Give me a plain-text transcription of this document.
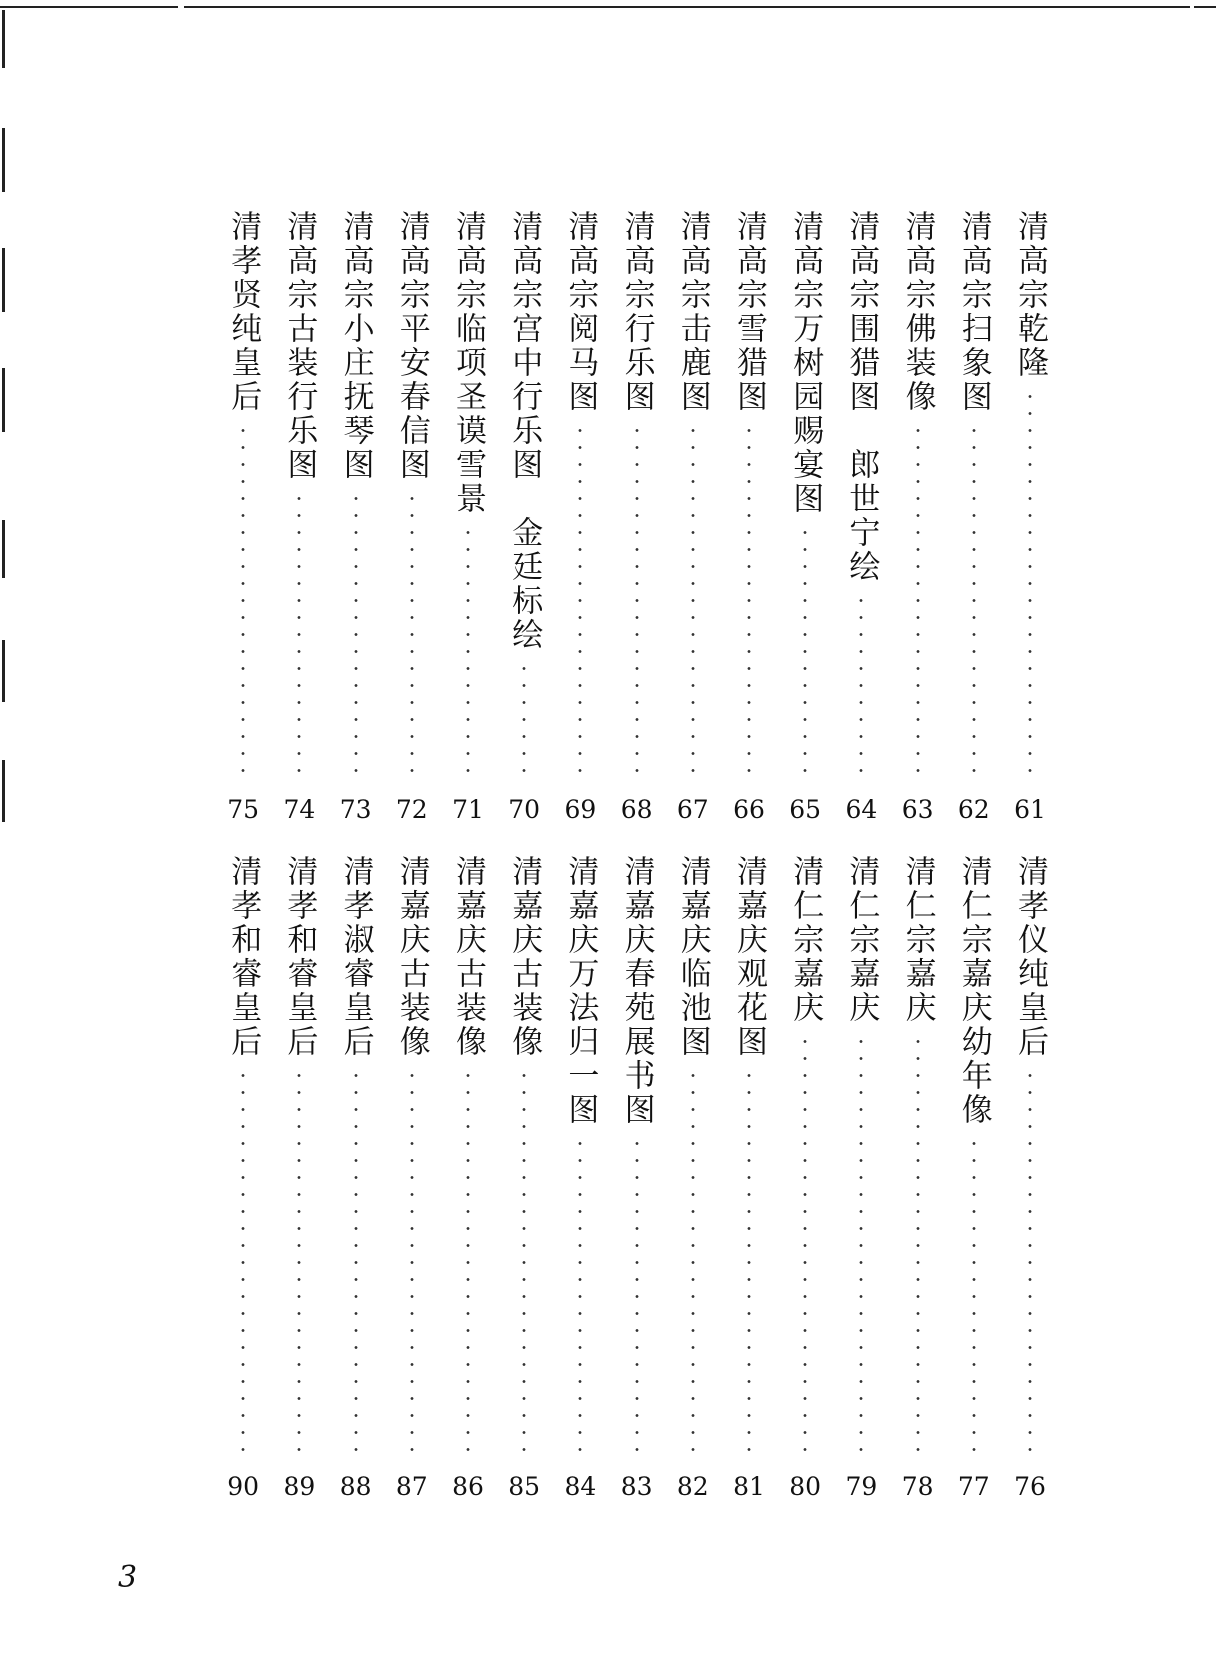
清高宗乾隆
61
清高宗扫象图
62
清高宗佛装像
63
清高宗围猎图　郎世宁绘
64
清高宗万树园赐宴图
65
清高宗雪猎图
66
清高宗击鹿图
67
清高宗行乐图
68
清高宗阅马图
69
清高宗宫中行乐图　金廷标绘
70
清高宗临项圣谟雪景
71
清高宗平安春信图
72
清高宗小庄抚琴图
73
清高宗古装行乐图
74
清孝贤纯皇后
75
清孝仪纯皇后
76
清仁宗嘉庆幼年像
77
清仁宗嘉庆
78
清仁宗嘉庆
79
清仁宗嘉庆
80
清嘉庆观花图
81
清嘉庆临池图
82
清嘉庆春苑展书图
83
清嘉庆万法归一图
84
清嘉庆古装像
85
清嘉庆古装像
86
清嘉庆古装像
87
清孝淑睿皇后
88
清孝和睿皇后
89
清孝和睿皇后
90
3
